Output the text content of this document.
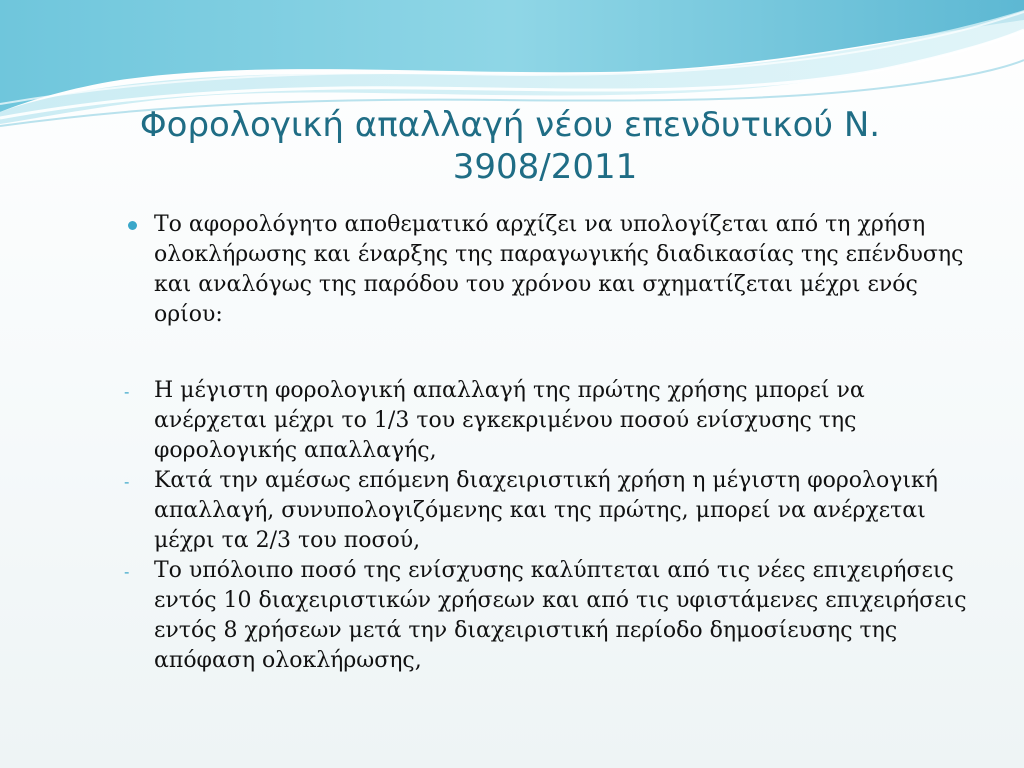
Φορολογική απαλλαγή νέου επενδυτικού Ν.
3908/2011
Το αφορολόγητο αποθεματικό αρχίζει να υπολογίζεται από τη χρήση ολοκλήρωσης και έναρξης της παραγωγικής διαδικασίας της επένδυσης και αναλόγως της παρόδου του χρόνου και σχηματίζεται μέχρι ενός ορίου:
-	Η μέγιστη φορολογική απαλλαγή της πρώτης χρήσης μπορεί να ανέρχεται μέχρι το 1/3 του εγκεκριμένου ποσού ενίσχυσης της φορολογικής απαλλαγής,
-	Κατά την αμέσως επόμενη διαχειριστική χρήση η μέγιστη φορολογική απαλλαγή, συνυπολογιζόμενης και της πρώτης, μπορεί να ανέρχεται μέχρι τα 2/3 του ποσού,
-	Το υπόλοιπο ποσό της ενίσχυσης καλύπτεται από τις νέες επιχειρήσεις εντός 10 διαχειριστικών χρήσεων και από τις υφιστάμενες επιχειρήσεις εντός 8 χρήσεων μετά την διαχειριστική περίοδο δημοσίευσης της απόφαση ολοκλήρωσης,
